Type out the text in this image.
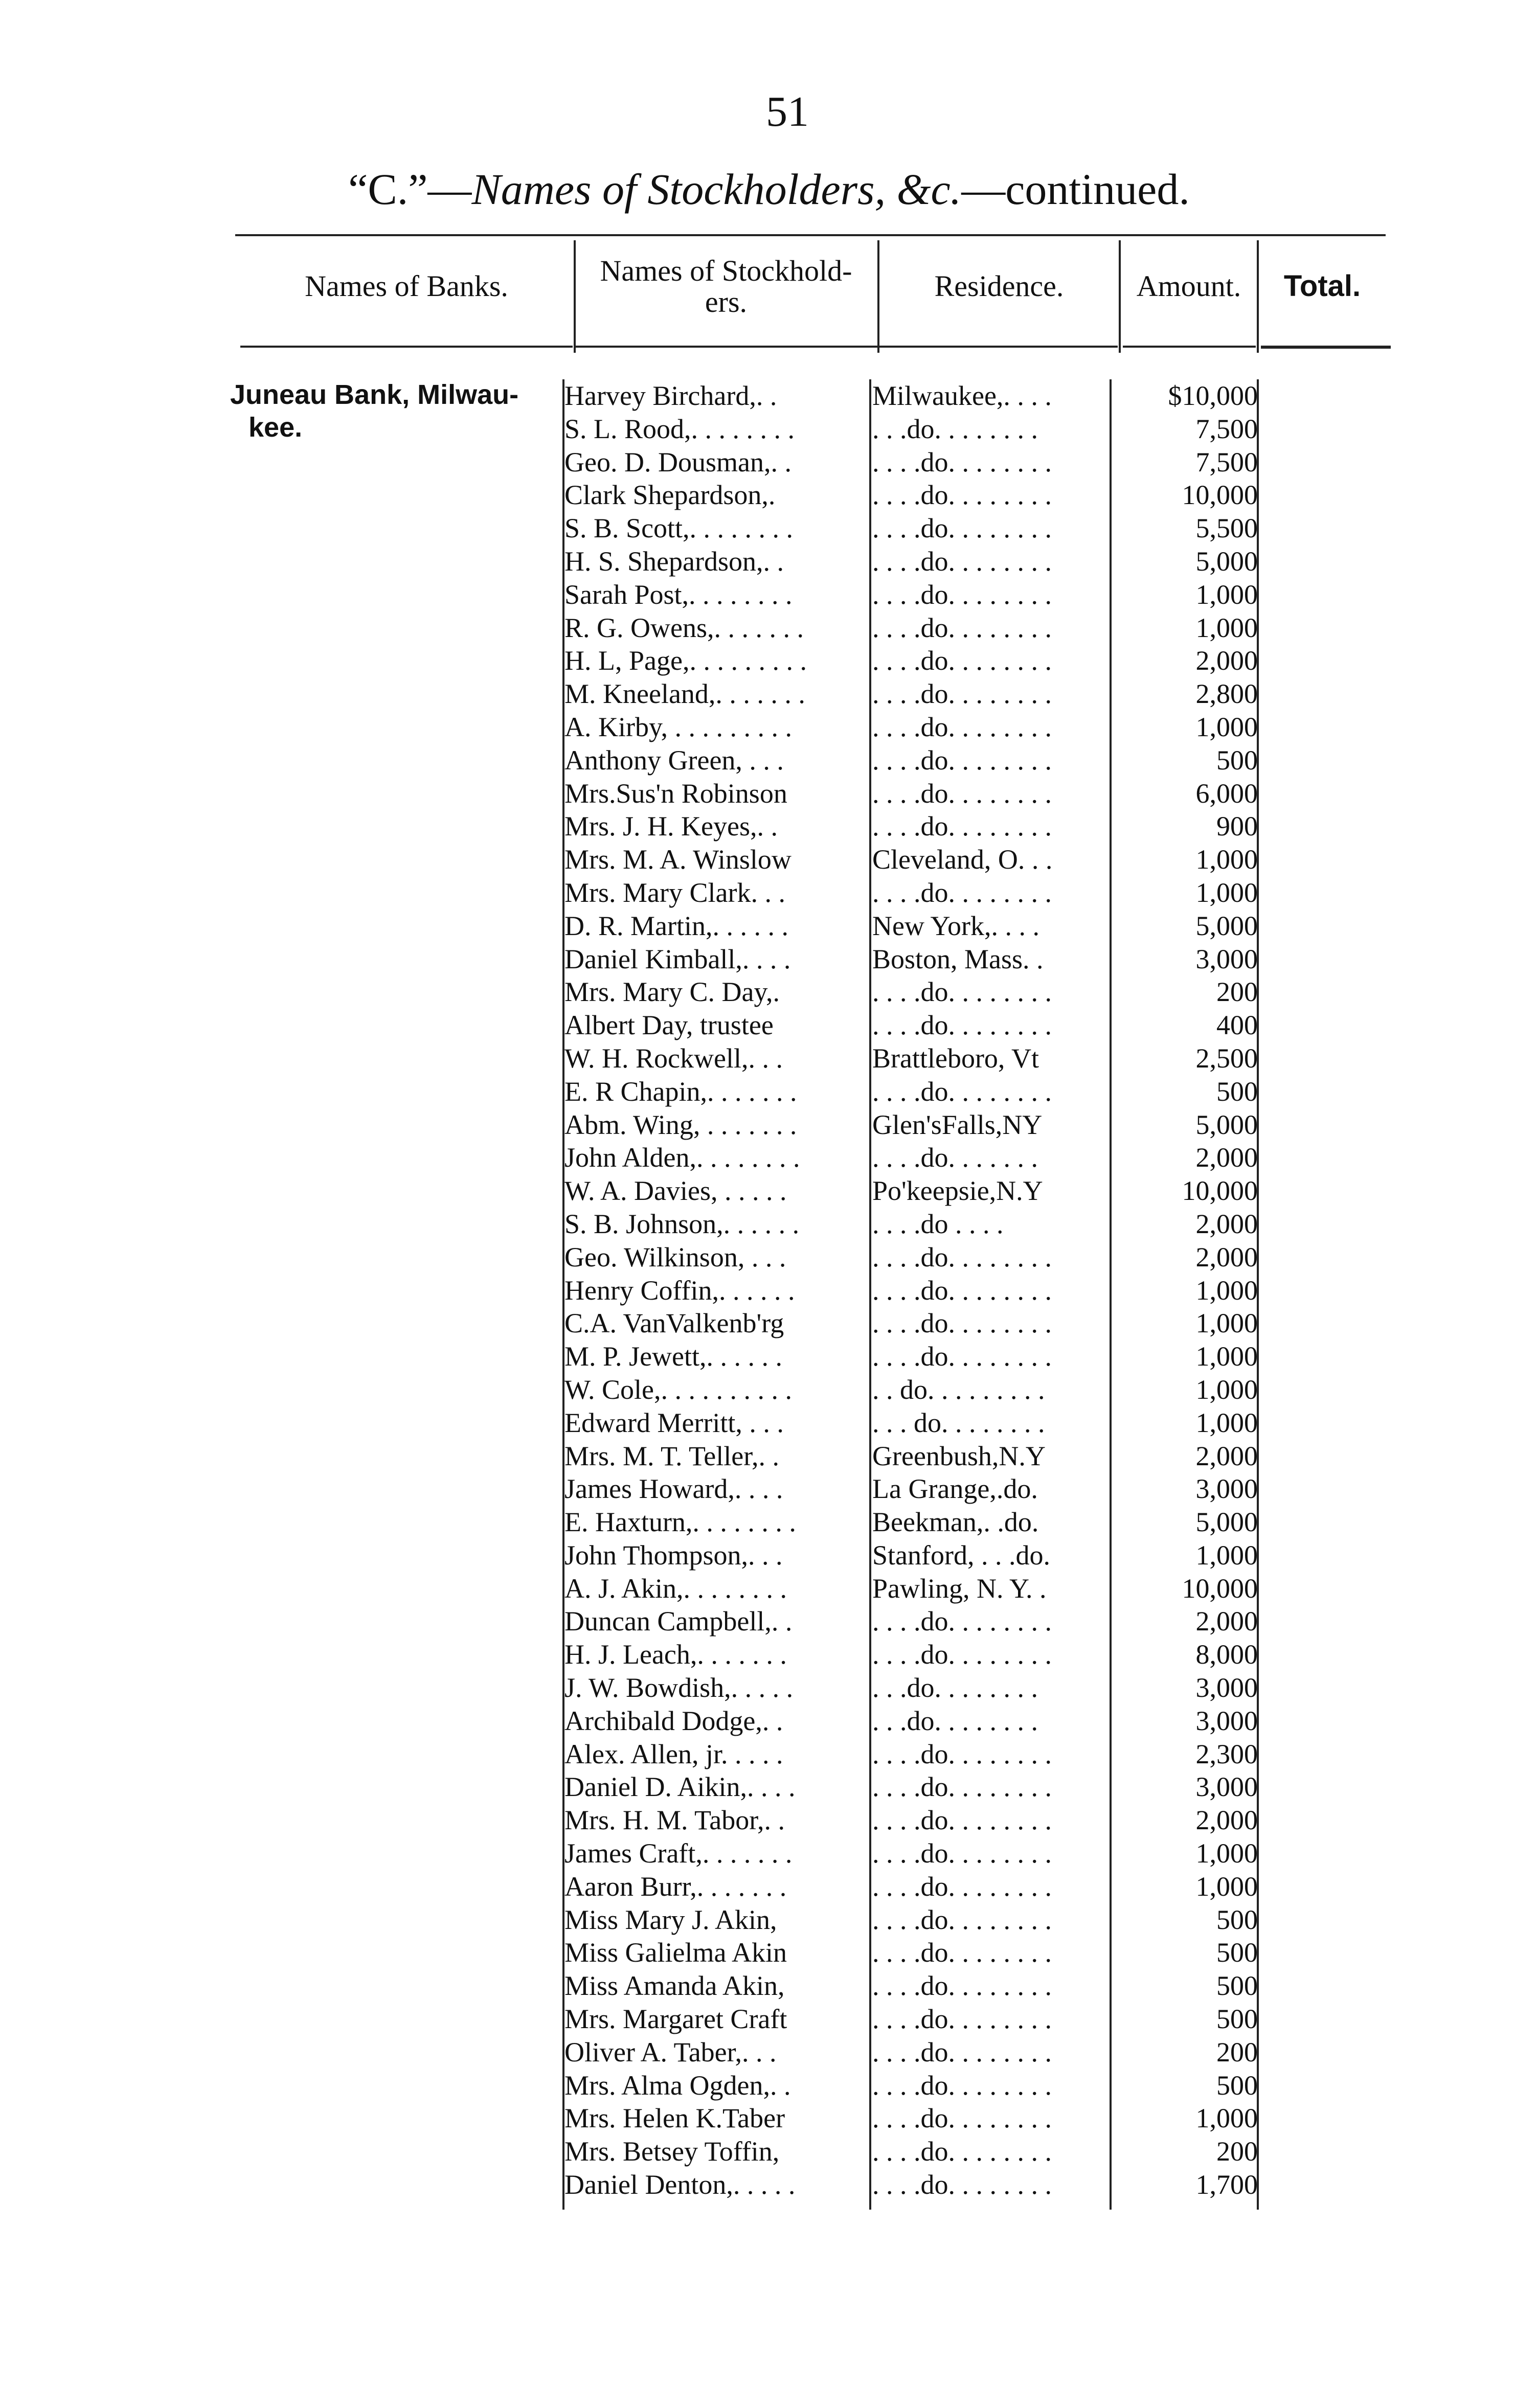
51
“C.”—Names of Stockholders, &c.—continued.
Names of Banks.	Names of Stockhold-
ers.	Residence.	Amount.	Total.
Juneau Bank, Milwau-
kee.
Harvey Birchard,. .	Milwaukee,. . . .	$10,000
S. L. Rood,. . . . . . . .	. . .do. . . . . . . .	7,500
Geo. D. Dousman,. .	. . . .do. . . . . . . .	7,500
Clark Shepardson,.	. . . .do. . . . . . . .	10,000
S. B. Scott,. . . . . . . .	. . . .do. . . . . . . .	5,500
H. S. Shepardson,. .	. . . .do. . . . . . . .	5,000
Sarah Post,. . . . . . . .	. . . .do. . . . . . . .	1,000
R. G. Owens,. . . . . . .	. . . .do. . . . . . . .	1,000
H. L, Page,. . . . . . . . .	. . . .do. . . . . . . .	2,000
M. Kneeland,. . . . . . .	. . . .do. . . . . . . .	2,800
A. Kirby, . . . . . . . . .	. . . .do. . . . . . . .	1,000
Anthony Green, . . .	. . . .do. . . . . . . .	500
Mrs.Sus'n Robinson	. . . .do. . . . . . . .	6,000
Mrs. J. H. Keyes,. .	. . . .do. . . . . . . .	900
Mrs. M. A. Winslow	Cleveland, O. . .	1,000
Mrs. Mary Clark. . .	. . . .do. . . . . . . .	1,000
D. R. Martin,. . . . . .	New York,. . . .	5,000
Daniel Kimball,. . . .	Boston, Mass. .	3,000
Mrs. Mary C. Day,.	. . . .do. . . . . . . .	200
Albert Day, trustee	. . . .do. . . . . . . .	400
W. H. Rockwell,. . .	Brattleboro, Vt	2,500
E. R Chapin,. . . . . . .	. . . .do. . . . . . . .	500
Abm. Wing, . . . . . . .	Glen'sFalls,NY	5,000
John Alden,. . . . . . . .	. . . .do. . . . . . .	2,000
W. A. Davies, . . . . .	Po'keepsie,N.Y	10,000
S. B. Johnson,. . . . . .	. . . .do . . . .	2,000
Geo. Wilkinson, . . .	. . . .do. . . . . . . .	2,000
Henry Coffin,. . . . . .	. . . .do. . . . . . . .	1,000
C.A. VanValkenb'rg	. . . .do. . . . . . . .	1,000
M. P. Jewett,. . . . . .	. . . .do. . . . . . . .	1,000
W. Cole,. . . . . . . . . .	. . do. . . . . . . . .	1,000
Edward Merritt, . . .	. . . do. . . . . . . .	1,000
Mrs. M. T. Teller,. .	Greenbush,N.Y	2,000
James Howard,. . . .	La Grange,.do.	3,000
E. Haxturn,. . . . . . . .	Beekman,. .do.	5,000
John Thompson,. . .	Stanford, . . .do.	1,000
A. J. Akin,. . . . . . . .	Pawling, N. Y. .	10,000
Duncan Campbell,. .	. . . .do. . . . . . . .	2,000
H. J. Leach,. . . . . . .	. . . .do. . . . . . . .	8,000
J. W. Bowdish,. . . . .	. . .do. . . . . . . .	3,000
Archibald Dodge,. .	. . .do. . . . . . . .	3,000
Alex. Allen, jr. . . . .	. . . .do. . . . . . . .	2,300
Daniel D. Aikin,. . . .	. . . .do. . . . . . . .	3,000
Mrs. H. M. Tabor,. .	. . . .do. . . . . . . .	2,000
James Craft,. . . . . . .	. . . .do. . . . . . . .	1,000
Aaron Burr,. . . . . . .	. . . .do. . . . . . . .	1,000
Miss Mary J. Akin,	. . . .do. . . . . . . .	500
Miss Galielma Akin	. . . .do. . . . . . . .	500
Miss Amanda Akin,	. . . .do. . . . . . . .	500
Mrs. Margaret Craft	. . . .do. . . . . . . .	500
Oliver A. Taber,. . .	. . . .do. . . . . . . .	200
Mrs. Alma Ogden,. .	. . . .do. . . . . . . .	500
Mrs. Helen K.Taber	. . . .do. . . . . . . .	1,000
Mrs. Betsey Toffin,	. . . .do. . . . . . . .	200
Daniel Denton,. . . . .	. . . .do. . . . . . . .	1,700
